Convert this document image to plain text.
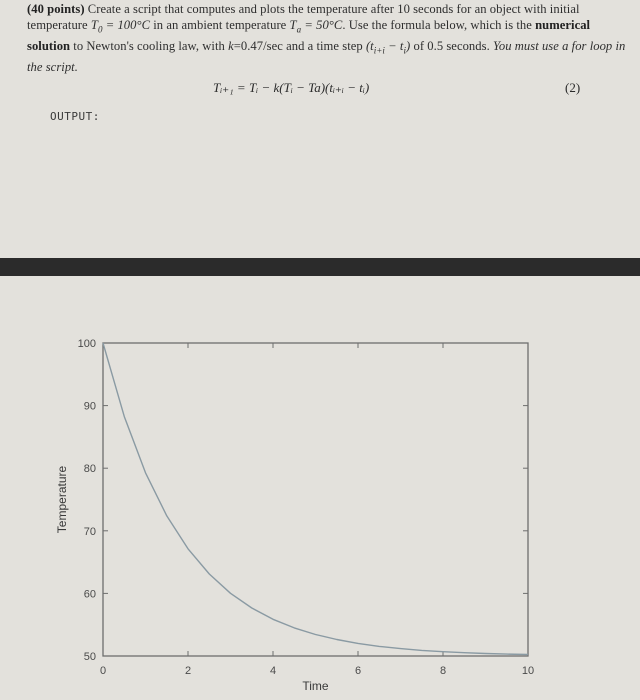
(40 points) Create a script that computes and plots the temperature after 10 seconds for an object with initial temperature $T_0 = 100^\circ C$ in an ambient temperature $T_a = 50^\circ C$. Use the formula below, which is the numerical solution to Newton's cooling law, with k=0.47/sec and a time step $(t_{i+i} - t_i)$ of 0.5 seconds. You must use a for loop in the script.
Tᵢ₊₁ = Tᵢ − k(Tᵢ − Ta)(tᵢ₊ᵢ − tᵢ)	(2)
OUTPUT:
50
60
70
80
90
100
0	2	4	6	8	10
Time
Temperature
